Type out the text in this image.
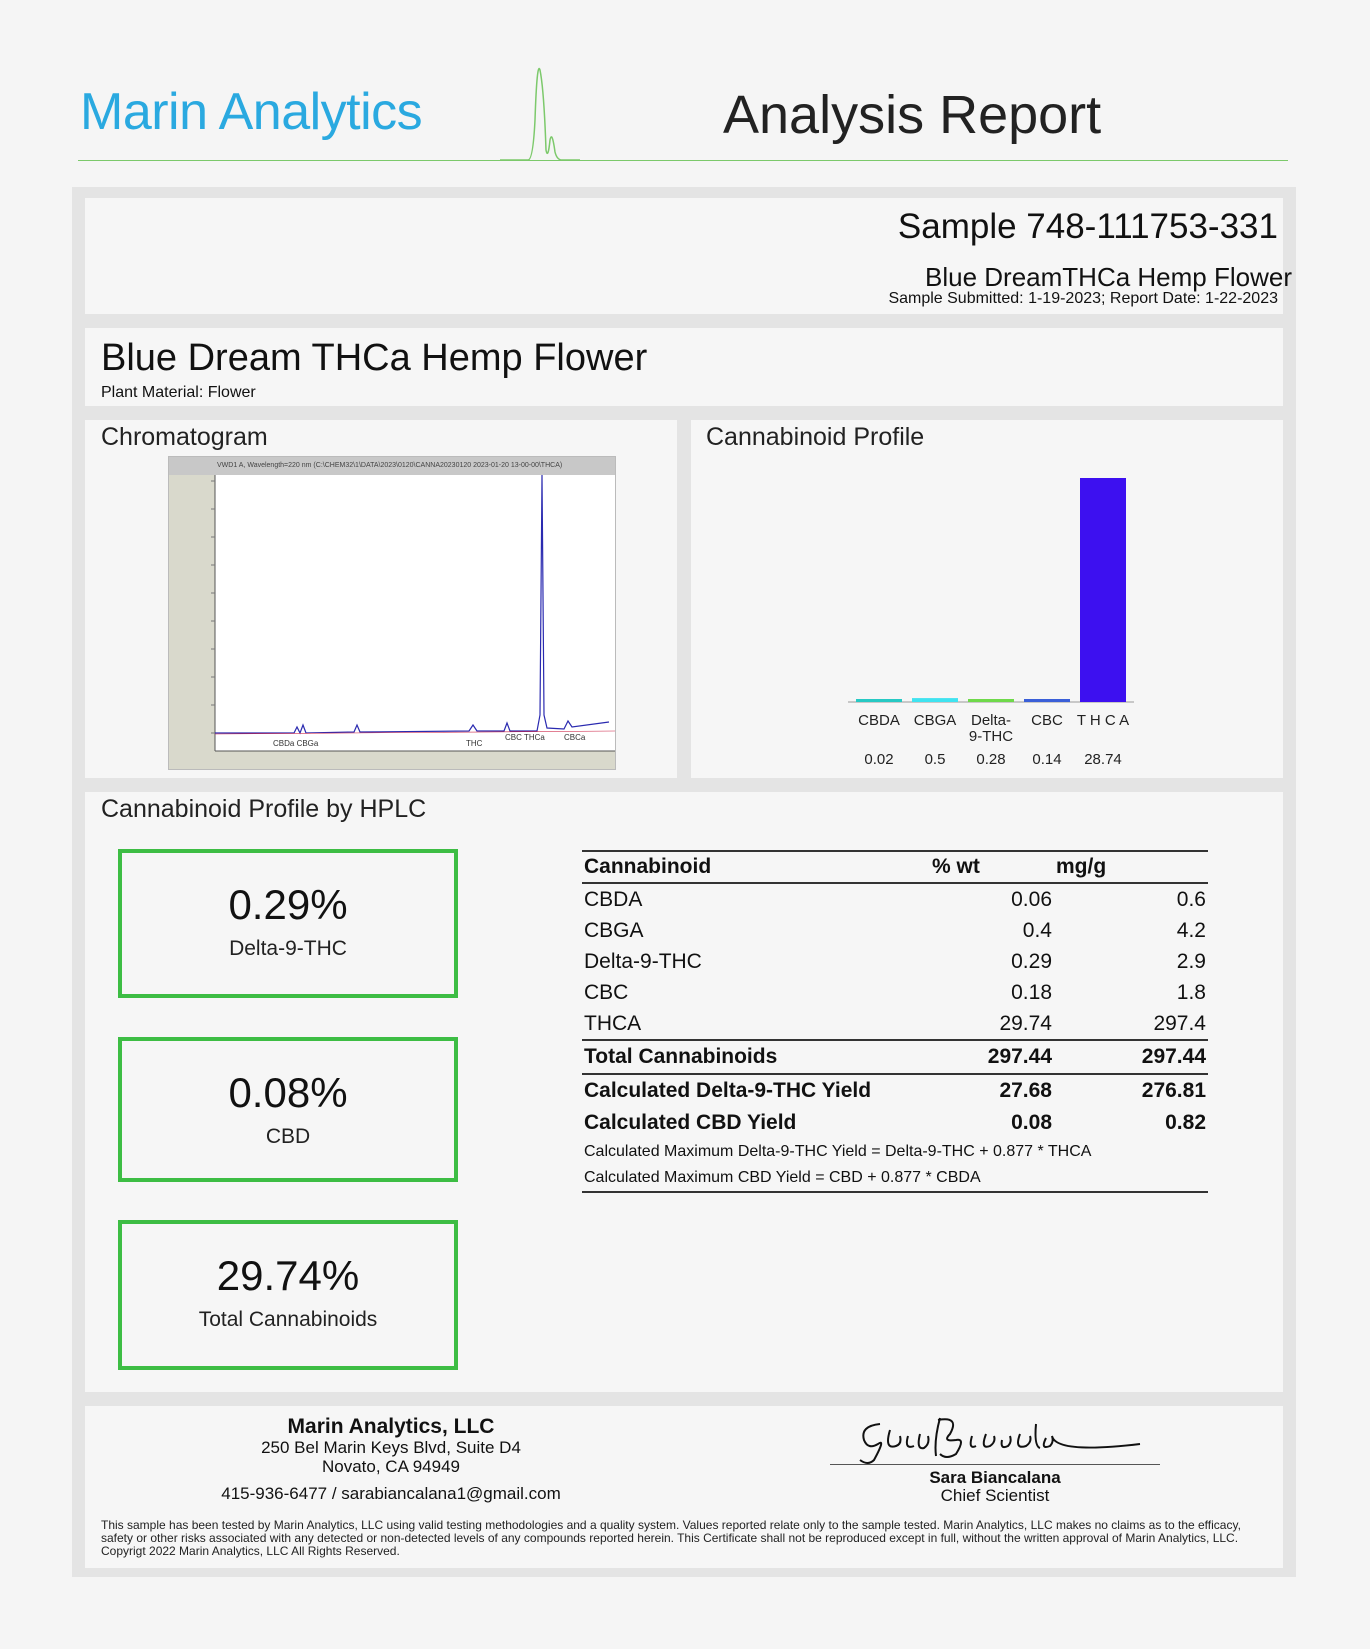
Marin Analytics	Analysis Report
Sample 748-111753-331
Blue DreamTHCa Hemp Flower
Sample Submitted: 1-19-2023; Report Date: 1-22-2023
Blue Dream THCa Hemp Flower
Plant Material: Flower
Chromatogram
VWD1 A, Wavelength=220 nm (C:\CHEM32\1\DATA\2023\0120\CANNA20230120 2023-01-20 13-00-00\THCA)
CBDa CBGa	THC
CBC THCa CBCa
Cannabinoid Profile
CBDA
0.02
CBGA
0.5
Delta-
9-THC
0.28
CBC
0.14
T H C A
28.74
Cannabinoid Profile by HPLC
0.29%
Delta-9-THC
0.08%
CBD
29.74%
Total Cannabinoids
Cannabinoid	% wt	mg/g
CBDA	0.06	0.6
CBGA	0.4	4.2
Delta-9-THC	0.29	2.9
CBC	0.18	1.8
THCA	29.74	297.4
Total Cannabinoids	297.44	297.44
Calculated Delta-9-THC Yield	27.68	276.81
Calculated CBD Yield	0.08	0.82
Calculated Maximum Delta-9-THC Yield = Delta-9-THC + 0.877 * THCA		
Calculated Maximum CBD Yield = CBD + 0.877 * CBDA		
Marin Analytics, LLC
250 Bel Marin Keys Blvd, Suite D4
Novato, CA 94949
415-936-6477 / sarabiancalana1@gmail.com
Sara Biancalana
Chief Scientist
This sample has been tested by Marin Analytics, LLC using valid testing methodologies and a quality system. Values reported relate only to the sample tested. Marin Analytics, LLC makes no claims as to the efficacy, safety or other risks associated with any detected or non-detected levels of any compounds reported herein. This Certificate shall not be reproduced except in full, without the written approval of Marin Analytics, LLC. Copyrigt 2022 Marin Analytics, LLC All Rights Reserved.
